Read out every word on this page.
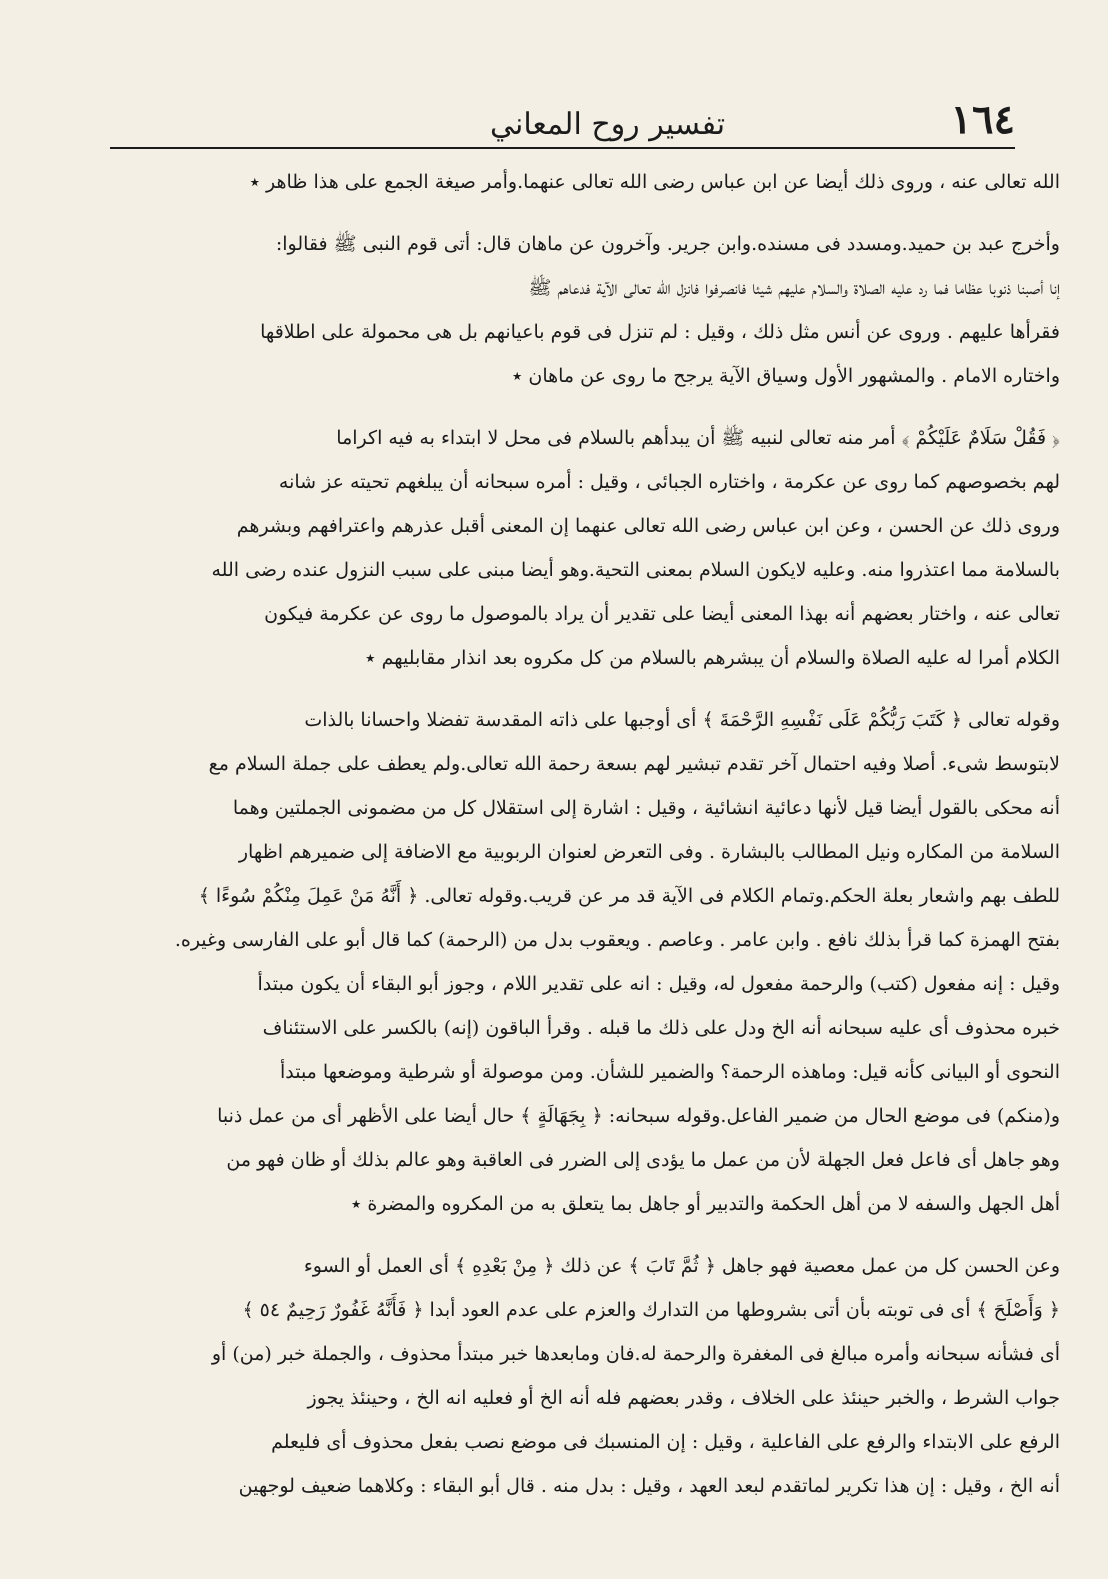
١٦٤
تفسير روح المعاني
الله تعالى عنه ، وروى ذلك أيضا عن ابن عباس رضى الله تعالى عنهما.وأمر صيغة الجمع على هذا ظاهر ٭
وأخرج عبد بن حميد.ومسدد فى مسنده.وابن جرير. وآخرون عن ماهان قال: أتى قوم النبى ﷺ فقالوا:
إنا أصبنا ذنوبا عظاما فما رد عليه الصلاة والسلام عليهم شيئا فانصرفوا فانزل الله تعالى الآية فدعاهم ﷺ
فقرأها عليهم . وروى عن أنس مثل ذلك ، وقيل : لم تنزل فى قوم باعيانهم بل هى محمولة على اطلاقها
واختاره الامام . والمشهور الأول وسياق الآية يرجح ما روى عن ماهان ٭
﴿ فَقُلْ سَلَامٌ عَلَيْكُمْ ﴾ أمر منه تعالى لنبيه ﷺ أن يبدأهم بالسلام فى محل لا ابتداء به فيه اكراما
لهم بخصوصهم كما روى عن عكرمة ، واختاره الجبائى ، وقيل : أمره سبحانه أن يبلغهم تحيته عز شانه
وروى ذلك عن الحسن ، وعن ابن عباس رضى الله تعالى عنهما إن المعنى أقبل عذرهم واعترافهم وبشرهم
بالسلامة مما اعتذروا منه. وعليه لايكون السلام بمعنى التحية.وهو أيضا مبنى على سبب النزول عنده رضى الله
تعالى عنه ، واختار بعضهم أنه بهذا المعنى أيضا على تقدير أن يراد بالموصول ما روى عن عكرمة فيكون
الكلام أمرا له عليه الصلاة والسلام أن يبشرهم بالسلام من كل مكروه بعد انذار مقابليهم ٭
وقوله تعالى ﴿ كَتَبَ رَبُّكُمْ عَلَى نَفْسِهِ الرَّحْمَةَ ﴾ أى أوجبها على ذاته المقدسة تفضلا واحسانا بالذات
لابتوسط شىء. أصلا وفيه احتمال آخر تقدم تبشير لهم بسعة رحمة الله تعالى.ولم يعطف على جملة السلام مع
أنه محكى بالقول أيضا قيل لأنها دعائية انشائية ، وقيل : اشارة إلى استقلال كل من مضمونى الجملتين وهما
السلامة من المكاره ونيل المطالب بالبشارة . وفى التعرض لعنوان الربوبية مع الاضافة إلى ضميرهم اظهار
للطف بهم واشعار بعلة الحكم.وتمام الكلام فى الآية قد مر عن قريب.وقوله تعالى. ﴿ أَنَّهُ مَنْ عَمِلَ مِنْكُمْ سُوءًا ﴾
بفتح الهمزة كما قرأ بذلك نافع . وابن عامر . وعاصم . ويعقوب بدل من (الرحمة) كما قال أبو على الفارسى وغيره.
وقيل : إنه مفعول (كتب) والرحمة مفعول له، وقيل : انه على تقدير اللام ، وجوز أبو البقاء أن يكون مبتدأ
خبره محذوف أى عليه سبحانه أنه الخ ودل على ذلك ما قبله . وقرأ الباقون (إنه) بالكسر على الاستئناف
النحوى أو البيانى كأنه قيل: وماهذه الرحمة؟ والضمير للشأن. ومن موصولة أو شرطية وموضعها مبتدأ
و(منكم) فى موضع الحال من ضمير الفاعل.وقوله سبحانه: ﴿ بِجَهَالَةٍ ﴾ حال أيضا على الأظهر أى من عمل ذنبا
وهو جاهل أى فاعل فعل الجهلة لأن من عمل ما يؤدى إلى الضرر فى العاقبة وهو عالم بذلك أو ظان فهو من
أهل الجهل والسفه لا من أهل الحكمة والتدبير أو جاهل بما يتعلق به من المكروه والمضرة ٭
وعن الحسن كل من عمل معصية فهو جاهل ﴿ ثُمَّ تَابَ ﴾ عن ذلك ﴿ مِنْ بَعْدِهِ ﴾ أى العمل أو السوء
﴿ وَأَصْلَحَ ﴾ أى فى توبته بأن أتى بشروطها من التدارك والعزم على عدم العود أبدا ﴿ فَأَنَّهُ غَفُورٌ رَحِيمٌ ٥٤ ﴾
أى فشأنه سبحانه وأمره مبالغ فى المغفرة والرحمة له.فان ومابعدها خبر مبتدأ محذوف ، والجملة خبر (من) أو
جواب الشرط ، والخبر حينئذ على الخلاف ، وقدر بعضهم فله أنه الخ أو فعليه انه الخ ، وحينئذ يجوز
الرفع على الابتداء والرفع على الفاعلية ، وقيل : إن المنسبك فى موضع نصب بفعل محذوف أى فليعلم
أنه الخ ، وقيل : إن هذا تكرير لماتقدم لبعد العهد ، وقيل : بدل منه . قال أبو البقاء : وكلاهما ضعيف لوجهين
